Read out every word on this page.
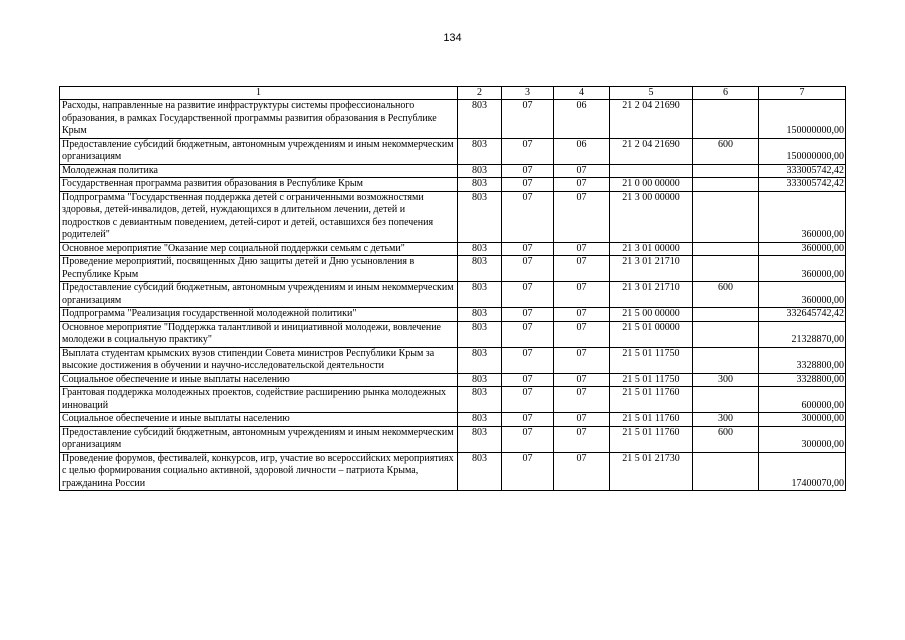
134
1	2	3	4	5	6	7
Расходы, направленные на развитие инфраструктуры системы профессионального образования, в рамках Государственной программы развития образования в Республике Крым	803	07	06	21 2 04 21690		150000000,00
Предоставление субсидий бюджетным, автономным учреждениям и иным некоммерческим организациям	803	07	06	21 2 04 21690	600	150000000,00
Молодежная политика	803	07	07			333005742,42
Государственная программа развития образования в Республике Крым	803	07	07	21 0 00 00000		333005742,42
Подпрограмма "Государственная поддержка детей с ограниченными возможностями здоровья, детей-инвалидов, детей, нуждающихся в длительном лечении, детей и подростков с девиантным поведением, детей-сирот и детей, оставшихся без попечения родителей"	803	07	07	21 3 00 00000		360000,00
Основное мероприятие "Оказание мер социальной поддержки семьям с детьми"	803	07	07	21 3 01 00000		360000,00
Проведение мероприятий, посвященных Дню защиты детей и Дню усыновления в Республике Крым	803	07	07	21 3 01 21710		360000,00
Предоставление субсидий бюджетным, автономным учреждениям и иным некоммерческим организациям	803	07	07	21 3 01 21710	600	360000,00
Подпрограмма "Реализация государственной молодежной политики"	803	07	07	21 5 00 00000		332645742,42
Основное мероприятие "Поддержка талантливой и инициативной молодежи, вовлечение молодежи в социальную практику"	803	07	07	21 5 01 00000		21328870,00
Выплата студентам крымских вузов стипендии Совета министров Республики Крым за высокие достижения в обучении и научно-исследовательской деятельности	803	07	07	21 5 01 11750		3328800,00
Социальное обеспечение и иные выплаты населению	803	07	07	21 5 01 11750	300	3328800,00
Грантовая поддержка молодежных проектов, содействие расширению рынка молодежных инноваций	803	07	07	21 5 01 11760		600000,00
Социальное обеспечение и иные выплаты населению	803	07	07	21 5 01 11760	300	300000,00
Предоставление субсидий бюджетным, автономным учреждениям и иным некоммерческим организациям	803	07	07	21 5 01 11760	600	300000,00
Проведение форумов, фестивалей, конкурсов, игр, участие во всероссийских мероприятиях с целью формирования социально активной, здоровой личности – патриота Крыма, гражданина России	803	07	07	21 5 01 21730		17400070,00
